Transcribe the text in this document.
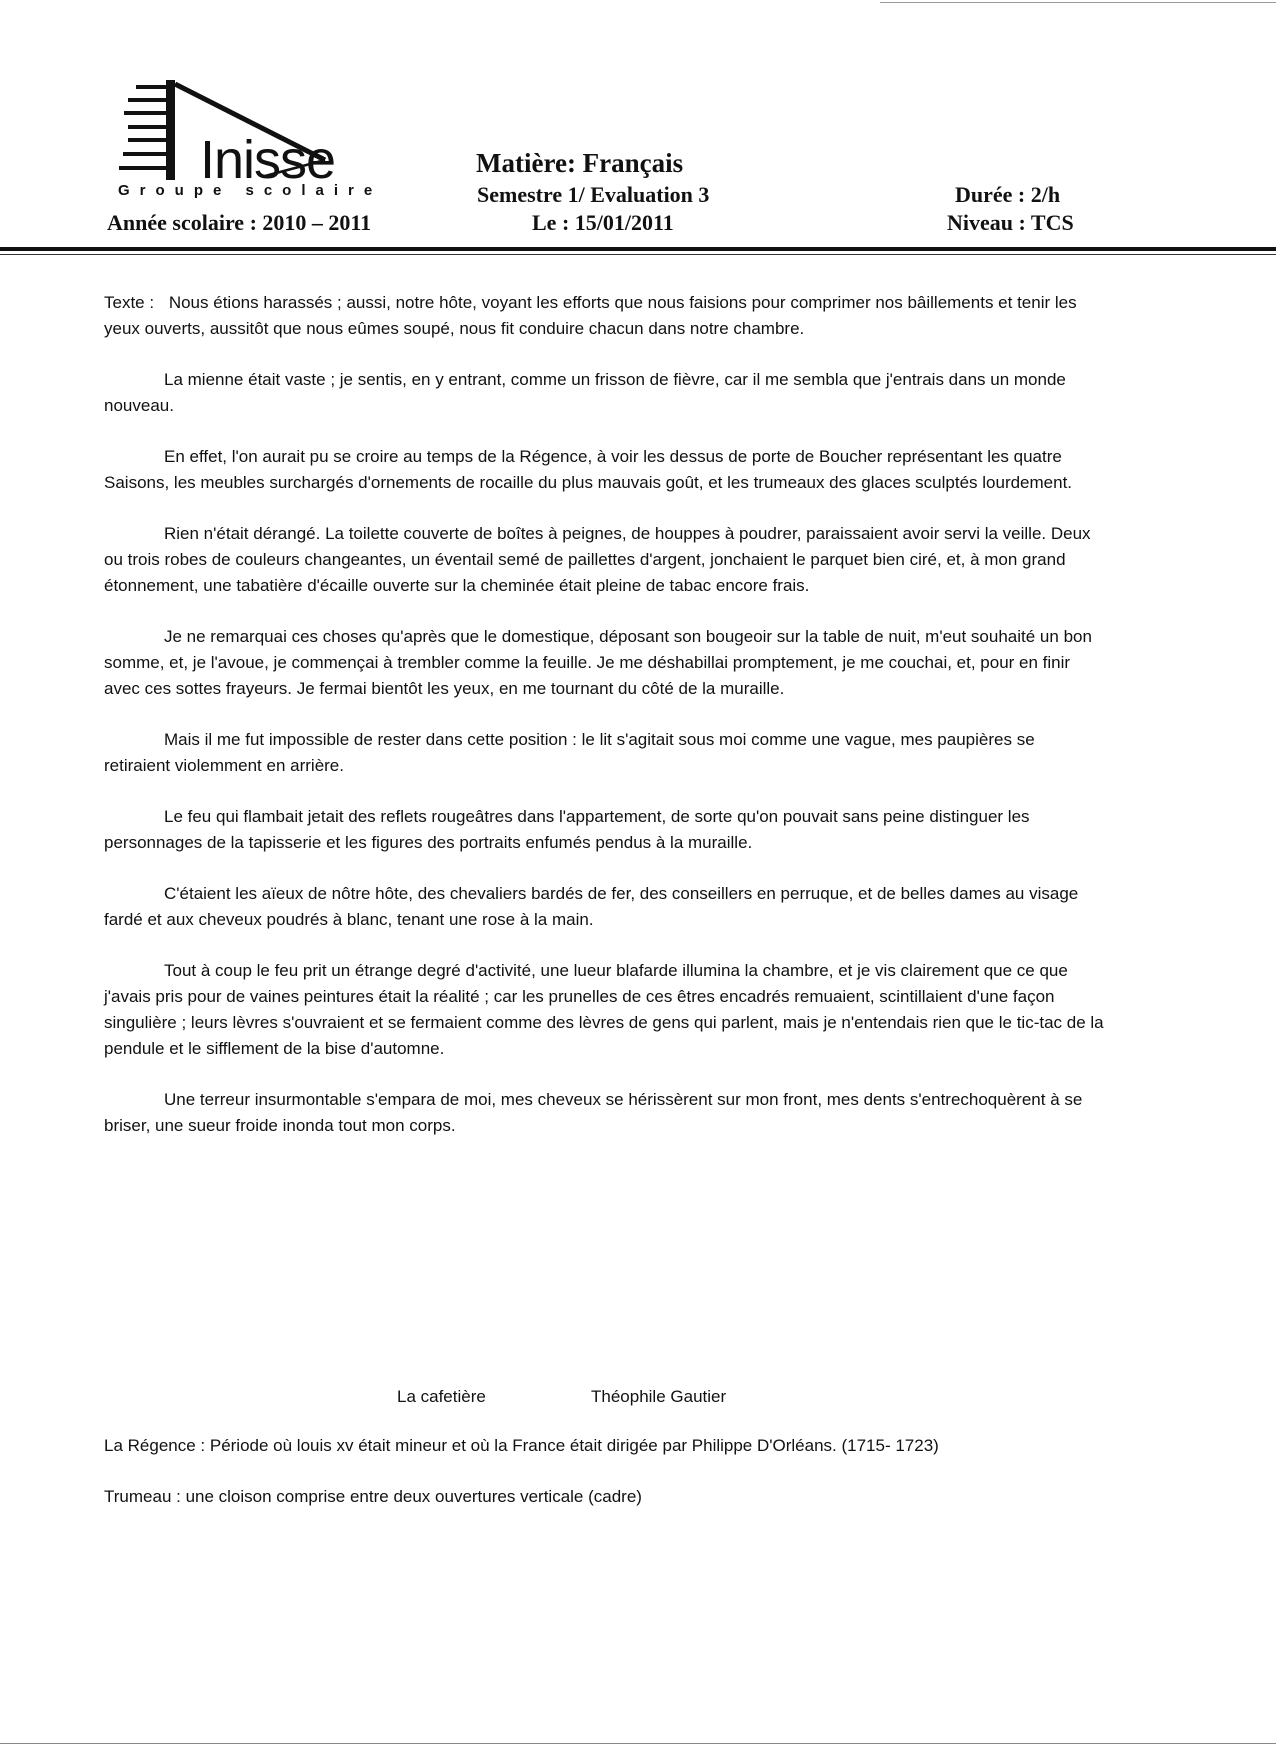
Inisse
Groupe scolaire
Année scolaire : 2010 – 2011
Matière: Français
Semestre 1/ Evaluation 3
Le : 15/01/2011
Durée : 2/h
Niveau : TCS

Texte : Nous étions harassés ; aussi, notre hôte, voyant les efforts que nous faisions pour comprimer nos bâillements et tenir les yeux ouverts, aussitôt que nous eûmes soupé, nous fit conduire chacun dans notre chambre.

La mienne était vaste ; je sentis, en y entrant, comme un frisson de fièvre, car il me sembla que j'entrais dans un monde nouveau.

En effet, l'on aurait pu se croire au temps de la Régence, à voir les dessus de porte de Boucher représentant les quatre Saisons, les meubles surchargés d'ornements de rocaille du plus mauvais goût, et les trumeaux des glaces sculptés lourdement.

Rien n'était dérangé. La toilette couverte de boîtes à peignes, de houppes à poudrer, paraissaient avoir servi la veille. Deux ou trois robes de couleurs changeantes, un éventail semé de paillettes d'argent, jonchaient le parquet bien ciré, et, à mon grand étonnement, une tabatière d'écaille ouverte sur la cheminée était pleine de tabac encore frais.

Je ne remarquai ces choses qu'après que le domestique, déposant son bougeoir sur la table de nuit, m'eut souhaité un bon somme, et, je l'avoue, je commençai à trembler comme la feuille. Je me déshabillai promptement, je me couchai, et, pour en finir avec ces sottes frayeurs. Je fermai bientôt les yeux, en me tournant du côté de la muraille.

Mais il me fut impossible de rester dans cette position : le lit s'agitait sous moi comme une vague, mes paupières se retiraient violemment en arrière.

Le feu qui flambait jetait des reflets rougeâtres dans l'appartement, de sorte qu'on pouvait sans peine distinguer les personnages de la tapisserie et les figures des portraits enfumés pendus à la muraille.

C'étaient les aïeux de nôtre hôte, des chevaliers bardés de fer, des conseillers en perruque, et de belles dames au visage fardé et aux cheveux poudrés à blanc, tenant une rose à la main.

Tout à coup le feu prit un étrange degré d'activité, une lueur blafarde illumina la chambre, et je vis clairement que ce que j'avais pris pour de vaines peintures était la réalité ; car les prunelles de ces êtres encadrés remuaient, scintillaient d'une façon singulière ; leurs lèvres s'ouvraient et se fermaient comme des lèvres de gens qui parlent, mais je n'entendais rien que le tic-tac de la pendule et le sifflement de la bise d'automne.

Une terreur insurmontable s'empara de moi, mes cheveux se hérissèrent sur mon front, mes dents s'entrechoquèrent à se briser, une sueur froide inonda tout mon corps.

La cafetière	Théophile Gautier
La Régence : Période où louis xv était mineur et où la France était dirigée par Philippe D'Orléans. (1715- 1723)
Trumeau : une cloison comprise entre deux ouvertures verticale (cadre)
